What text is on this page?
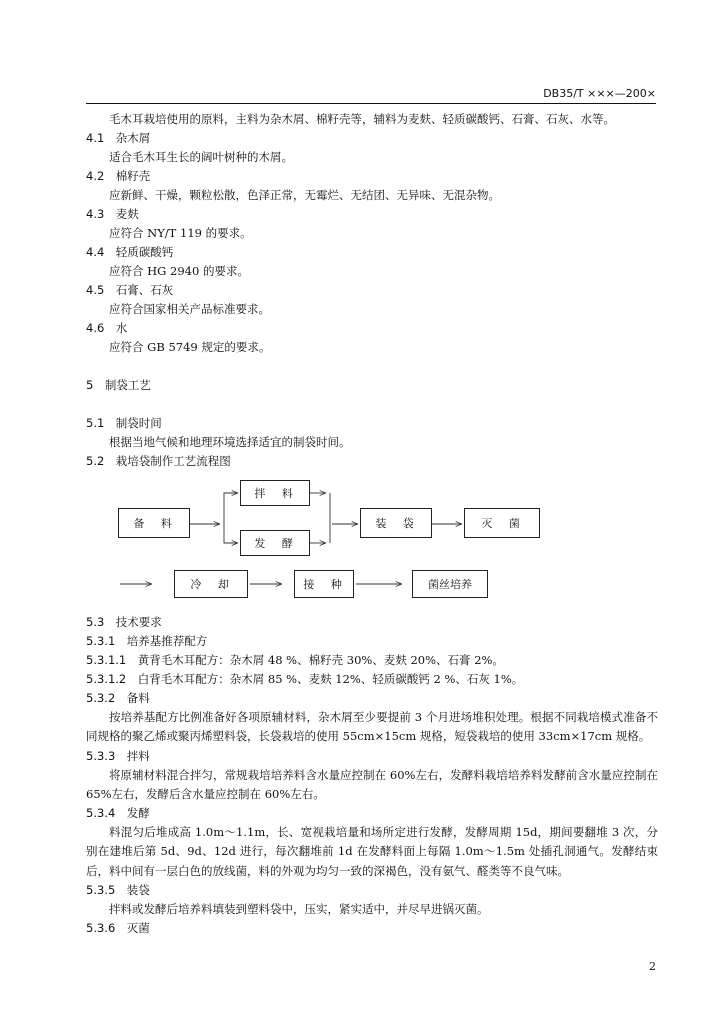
DB35/T ×××—200×
毛木耳栽培使用的原料，主料为杂木屑、棉籽壳等，辅料为麦麸、轻质碳酸钙、石膏、石灰、水等。
4.1　 杂木屑
适合毛木耳生长的阔叶树种的木屑。
4.2　 棉籽壳
应新鲜、干燥，颗粒松散，色泽正常，无霉烂、无结团、无异味、无混杂物。
4.3　 麦麸
应符合 NY/T 119 的要求。
4.4　 轻质碳酸钙
应符合 HG 2940 的要求。
4.5　 石膏、石灰
应符合国家相关产品标准要求。
4.6　 水
应符合 GB 5749 规定的要求。
5　 制袋工艺
5.1　 制袋时间
根据当地气候和地理环境选择适宜的制袋时间。
5.2　 栽培袋制作工艺流程图
备　料
拌　料
发　酵
装　袋	灭　菌
冷　却	接　种	菌丝培养
5.3　 技术要求
5.3.1　 培养基推荐配方
5.3.1.1　 黄背毛木耳配方：杂木屑 48 %、棉籽壳 30%、麦麸 20%、石膏 2%。
5.3.1.2　 白背毛木耳配方：杂木屑 85 %、麦麸 12%、轻质碳酸钙 2 %、石灰 1%。
5.3.2　 备料
按培养基配方比例准备好各项原辅材料，杂木屑至少要提前 3 个月进场堆积处理。根据不同栽培模式准备不同规格的聚乙烯或聚丙烯塑料袋，长袋栽培的使用 55cm×15cm 规格，短袋栽培的使用 33cm×17cm 规格。
5.3.3　 拌料
将原辅材料混合拌匀，常规栽培培养料含水量应控制在 60%左右，发酵料栽培培养料发酵前含水量应控制在 65%左右，发酵后含水量应控制在 60%左右。
5.3.4　 发酵
料混匀后堆成高 1.0m～1.1m，长、宽视栽培量和场所定进行发酵，发酵周期 15d，期间要翻堆 3 次，分别在建堆后第 5d、9d、12d 进行，每次翻堆前 1d 在发酵料面上每隔 1.0m～1.5m 处插孔洞通气。发酵结束后，料中间有一层白色的放线菌，料的外观为均匀一致的深褐色，没有氨气、醛类等不良气味。
5.3.5　 装袋
拌料或发酵后培养料填装到塑料袋中，压实，紧实适中，并尽早进锅灭菌。
5.3.6　 灭菌
2
